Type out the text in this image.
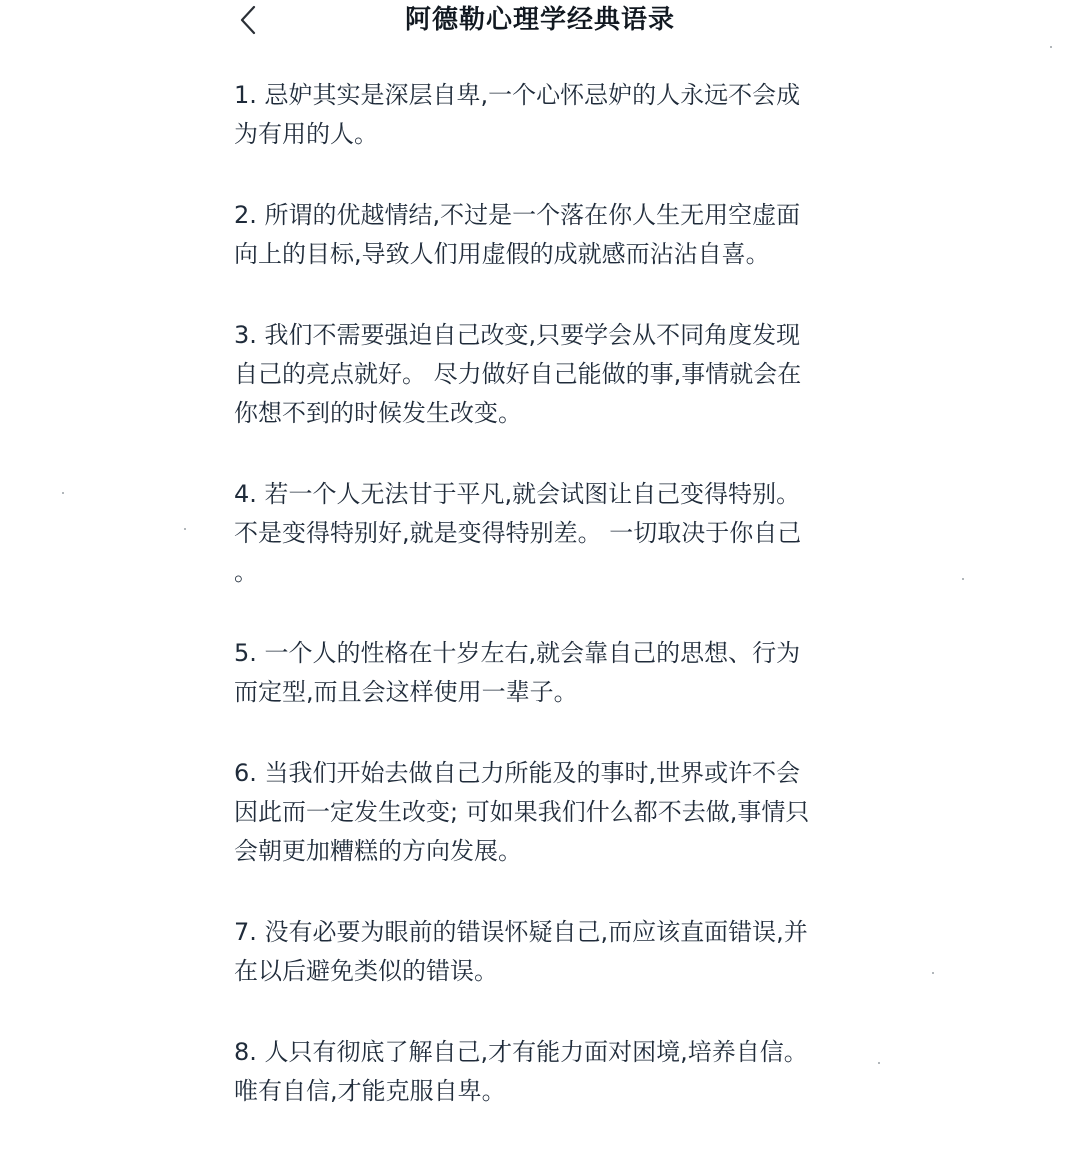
阿德勒心理学经典语录

1. 忌妒其实是深层自卑,一个心怀忌妒的人永远不会成
为有用的人。

2. 所谓的优越情结,不过是一个落在你人生无用空虚面
向上的目标,导致人们用虚假的成就感而沾沾自喜。

3. 我们不需要强迫自己改变,只要学会从不同角度发现
自己的亮点就好。 尽力做好自己能做的事,事情就会在
你想不到的时候发生改变。

4. 若一个人无法甘于平凡,就会试图让自己变得特别。
不是变得特别好,就是变得特别差。 一切取决于你自己
。

5. 一个人的性格在十岁左右,就会靠自己的思想、行为
而定型,而且会这样使用一辈子。

6. 当我们开始去做自己力所能及的事时,世界或许不会
因此而一定发生改变; 可如果我们什么都不去做,事情只
会朝更加糟糕的方向发展。

7. 没有必要为眼前的错误怀疑自己,而应该直面错误,并
在以后避免类似的错误。

8. 人只有彻底了解自己,才有能力面对困境,培养自信。
唯有自信,才能克服自卑。
